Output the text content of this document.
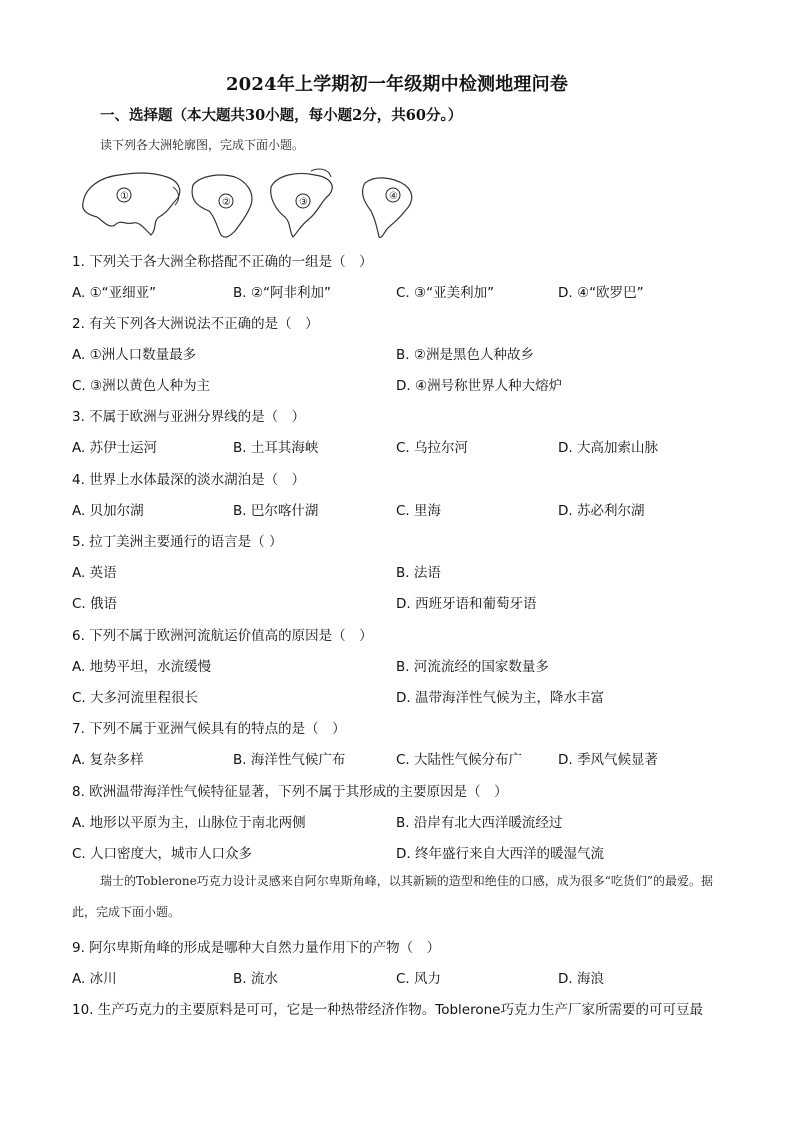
2024年上学期初一年级期中检测地理问卷
一、选择题（本大题共30小题，每小题2分，共60分。）
读下列各大洲轮廓图，完成下面小题。
①
②	③
④
1. 下列关于各大洲全称搭配不正确的一组是（　）
A. ①“亚细亚”	B. ②“阿非利加”	C. ③“亚美利加”	D. ④“欧罗巴”
2. 有关下列各大洲说法不正确的是（　）
A. ①洲人口数量最多	B. ②洲是黑色人种故乡
C. ③洲以黄色人种为主	D. ④洲号称世界人种大熔炉
3. 不属于欧洲与亚洲分界线的是（　）
A. 苏伊士运河	B. 土耳其海峡	C. 乌拉尔河	D. 大高加索山脉
4. 世界上水体最深的淡水湖泊是（　）
A. 贝加尔湖	B. 巴尔喀什湖	C. 里海	D. 苏必利尔湖
5. 拉丁美洲主要通行的语言是（ ）
A. 英语	B. 法语
C. 俄语	D. 西班牙语和葡萄牙语
6. 下列不属于欧洲河流航运价值高的原因是（　）
A. 地势平坦，水流缓慢	B. 河流流经的国家数量多
C. 大多河流里程很长	D. 温带海洋性气候为主，降水丰富
7. 下列不属于亚洲气候具有的特点的是（　）
A. 复杂多样	B. 海洋性气候广布	C. 大陆性气候分布广	D. 季风气候显著
8. 欧洲温带海洋性气候特征显著，下列不属于其形成的主要原因是（　）
A. 地形以平原为主，山脉位于南北两侧	B. 沿岸有北大西洋暖流经过
C. 人口密度大，城市人口众多	D. 终年盛行来自大西洋的暖湿气流
瑞士的Toblerone巧克力设计灵感来自阿尔卑斯角峰，以其新颖的造型和绝佳的口感，成为很多“吃货们”的最爱。据此，完成下面小题。
9. 阿尔卑斯角峰的形成是哪种大自然力量作用下的产物（　）
A. 冰川	B. 流水	C. 风力	D. 海浪
10. 生产巧克力的主要原料是可可，它是一种热带经济作物。Toblerone巧克力生产厂家所需要的可可豆最
